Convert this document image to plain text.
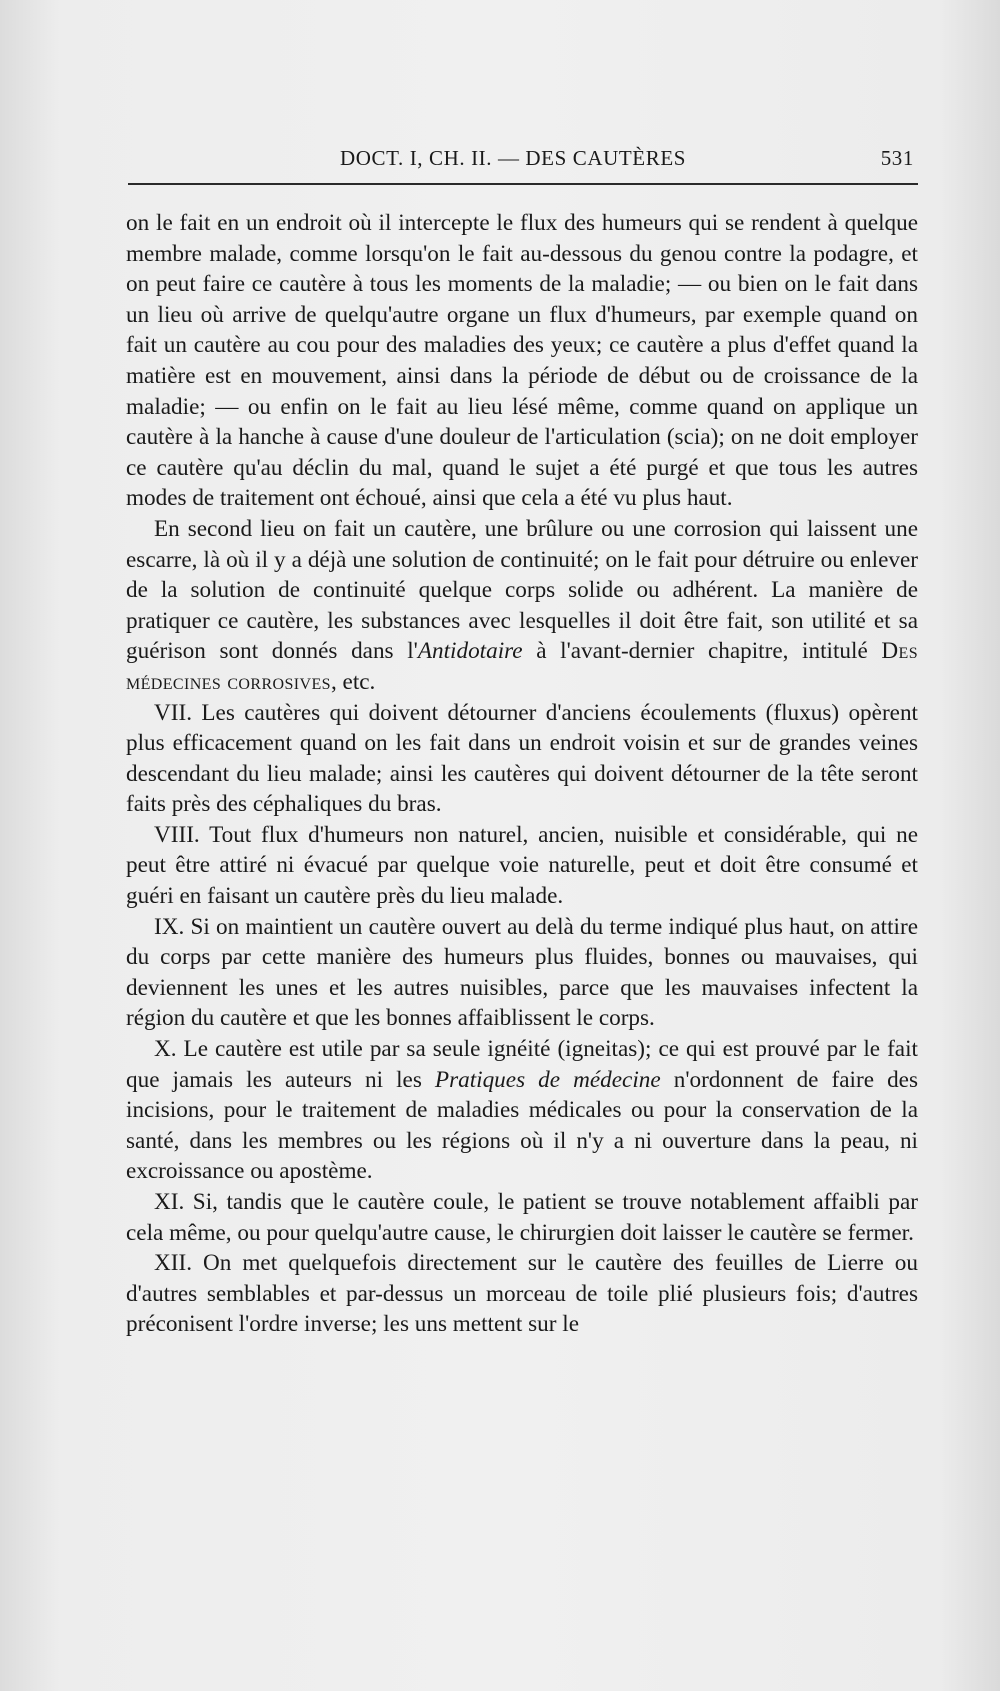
DOCT. I, CH. II. — DES CAUTÈRES	531

on le fait en un endroit où il intercepte le flux des humeurs qui se rendent à quelque membre malade, comme lorsqu'on le fait au-dessous du genou contre la podagre, et on peut faire ce cautère à tous les moments de la maladie; — ou bien on le fait dans un lieu où arrive de quelqu'autre organe un flux d'humeurs, par exemple quand on fait un cautère au cou pour des maladies des yeux; ce cautère a plus d'effet quand la matière est en mouvement, ainsi dans la période de début ou de croissance de la maladie; — ou enfin on le fait au lieu lésé même, comme quand on applique un cautère à la hanche à cause d'une douleur de l'articulation (scia); on ne doit employer ce cautère qu'au déclin du mal, quand le sujet a été purgé et que tous les autres modes de traitement ont échoué, ainsi que cela a été vu plus haut.

En second lieu on fait un cautère, une brûlure ou une corrosion qui laissent une escarre, là où il y a déjà une solution de continuité; on le fait pour détruire ou enlever de la solution de continuité quelque corps solide ou adhérent. La manière de pratiquer ce cautère, les substances avec lesquelles il doit être fait, son utilité et sa guérison sont donnés dans l'Antidotaire à l'avant-dernier chapitre, intitulé Des médecines corrosives, etc.

VII. Les cautères qui doivent détourner d'anciens écoulements (fluxus) opèrent plus efficacement quand on les fait dans un endroit voisin et sur de grandes veines descendant du lieu malade; ainsi les cautères qui doivent détourner de la tête seront faits près des céphaliques du bras.

VIII. Tout flux d'humeurs non naturel, ancien, nuisible et considérable, qui ne peut être attiré ni évacué par quelque voie naturelle, peut et doit être consumé et guéri en faisant un cautère près du lieu malade.

IX. Si on maintient un cautère ouvert au delà du terme indiqué plus haut, on attire du corps par cette manière des humeurs plus fluides, bonnes ou mauvaises, qui deviennent les unes et les autres nuisibles, parce que les mauvaises infectent la région du cautère et que les bonnes affaiblissent le corps.

X. Le cautère est utile par sa seule ignéité (igneitas); ce qui est prouvé par le fait que jamais les auteurs ni les Pratiques de médecine n'ordonnent de faire des incisions, pour le traitement de maladies médicales ou pour la conservation de la santé, dans les membres ou les régions où il n'y a ni ouverture dans la peau, ni excroissance ou apostème.

XI. Si, tandis que le cautère coule, le patient se trouve notablement affaibli par cela même, ou pour quelqu'autre cause, le chirurgien doit laisser le cautère se fermer.

XII. On met quelquefois directement sur le cautère des feuilles de Lierre ou d'autres semblables et par-dessus un morceau de toile plié plusieurs fois; d'autres préconisent l'ordre inverse; les uns mettent sur le
